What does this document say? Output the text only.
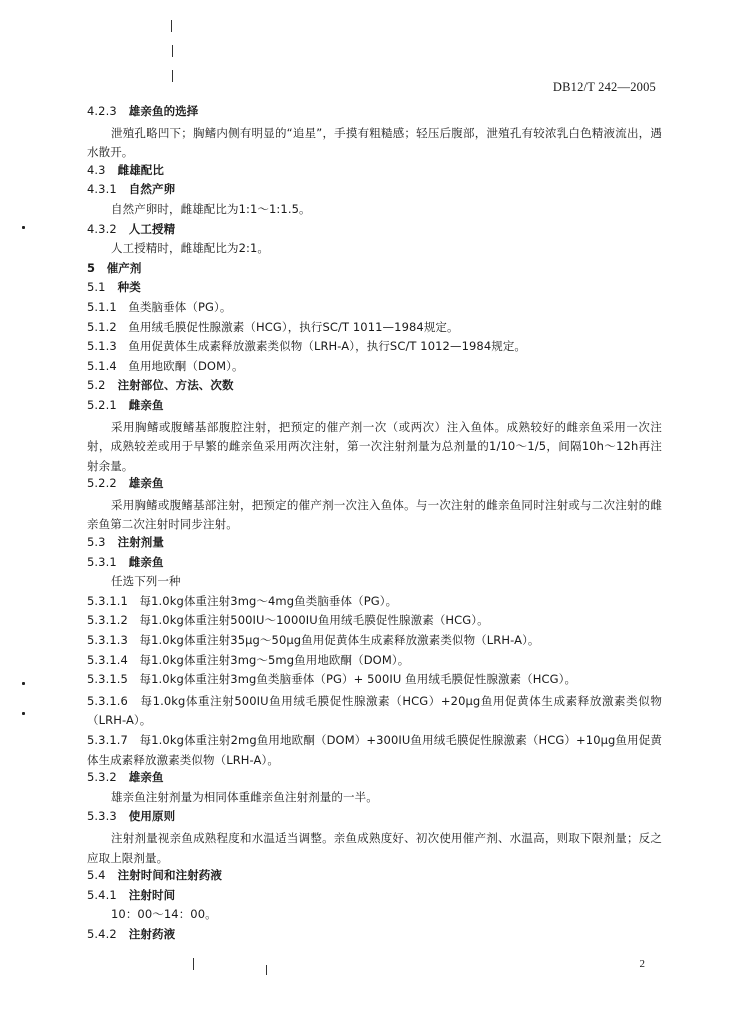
DB12/T 242—2005
4.2.3 雄亲鱼的选择
泄殖孔略凹下；胸鳍内侧有明显的“追星”，手摸有粗糙感；轻压后腹部，泄殖孔有较浓乳白色精液流出，遇水散开。
4.3 雌雄配比
4.3.1 自然产卵
自然产卵时，雌雄配比为1:1～1:1.5。
4.3.2 人工授精
人工授精时，雌雄配比为2:1。
5　催产剂
5.1 种类
5.1.1　鱼类脑垂体（PG）。
5.1.2　鱼用绒毛膜促性腺激素（HCG），执行SC/T 1011—1984规定。
5.1.3　鱼用促黄体生成素释放激素类似物（LRH-A），执行SC/T 1012—1984规定。
5.1.4　鱼用地欧酮（DOM）。
5.2 注射部位、方法、次数
5.2.1 雌亲鱼
采用胸鳍或腹鳍基部腹腔注射，把预定的催产剂一次（或两次）注入鱼体。成熟较好的雌亲鱼采用一次注射，成熟较差或用于早繁的雌亲鱼采用两次注射，第一次注射剂量为总剂量的1/10～1/5，间隔10h～12h再注射余量。
5.2.2 雄亲鱼
采用胸鳍或腹鳍基部注射，把预定的催产剂一次注入鱼体。与一次注射的雌亲鱼同时注射或与二次注射的雌亲鱼第二次注射时同步注射。
5.3 注射剂量
5.3.1 雌亲鱼
任选下列一种
5.3.1.1　每1.0kg体重注射3mg～4mg鱼类脑垂体（PG）。
5.3.1.2　每1.0kg体重注射500IU～1000IU鱼用绒毛膜促性腺激素（HCG）。
5.3.1.3　每1.0kg体重注射35μg～50μg鱼用促黄体生成素释放激素类似物（LRH-A）。
5.3.1.4　每1.0kg体重注射3mg～5mg鱼用地欧酮（DOM）。
5.3.1.5　每1.0kg体重注射3mg鱼类脑垂体（PG）+ 500IU 鱼用绒毛膜促性腺激素（HCG）。
5.3.1.6　每1.0kg体重注射500IU鱼用绒毛膜促性腺激素（HCG）+20μg鱼用促黄体生成素释放激素类似物（LRH-A）。
5.3.1.7　每1.0kg体重注射2mg鱼用地欧酮（DOM）+300IU鱼用绒毛膜促性腺激素（HCG）+10μg鱼用促黄体生成素释放激素类似物（LRH-A）。
5.3.2 雄亲鱼
雄亲鱼注射剂量为相同体重雌亲鱼注射剂量的一半。
5.3.3 使用原则
注射剂量视亲鱼成熟程度和水温适当调整。亲鱼成熟度好、初次使用催产剂、水温高，则取下限剂量；反之应取上限剂量。
5.4 注射时间和注射药液
5.4.1 注射时间
10：00～14：00。
5.4.2 注射药液
2
